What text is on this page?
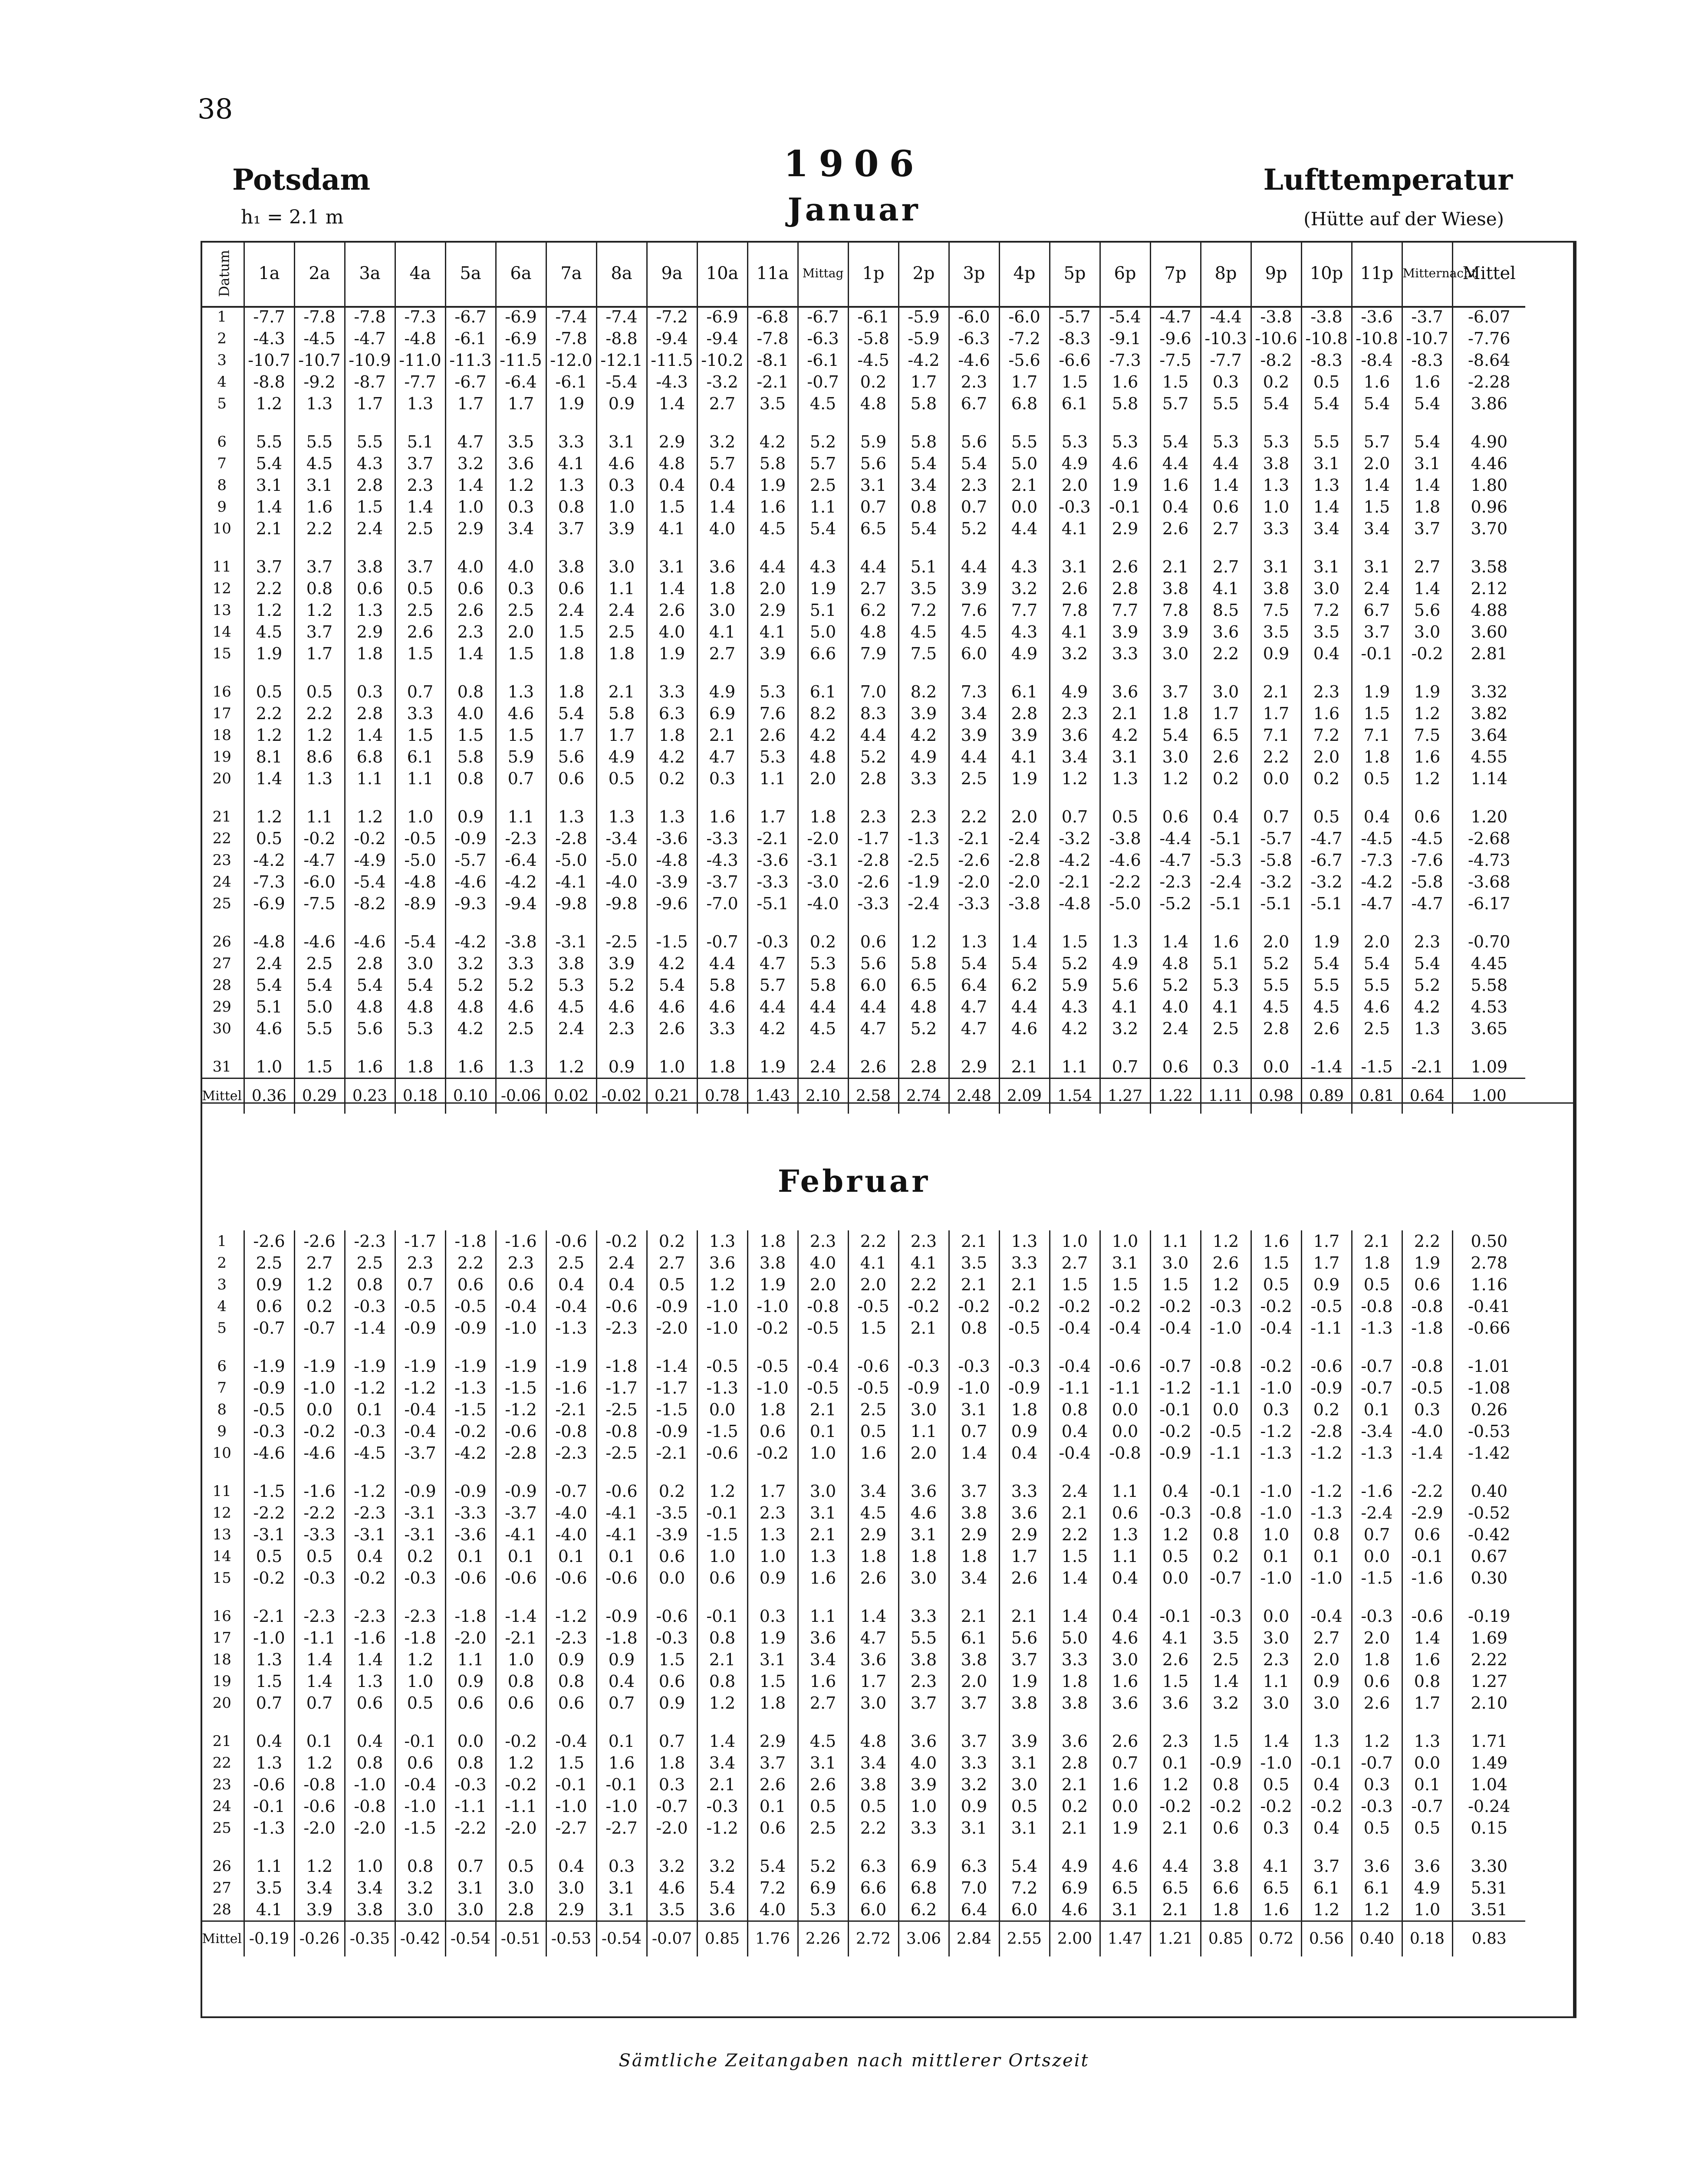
38
Potsdam
h₁ = 2.1 m
1906
Januar
Lufttemperatur
(Hütte auf der Wiese)
Datum	1a	2a	3a	4a	5a	6a	7a	8a	9a	10a	11a	Mittag	1p	2p	3p	4p	5p	6p	7p	8p	9p	10p	11p	Mitternacht	Mittel
1	-7.7	-7.8	-7.8	-7.3	-6.7	-6.9	-7.4	-7.4	-7.2	-6.9	-6.8	-6.7	-6.1	-5.9	-6.0	-6.0	-5.7	-5.4	-4.7	-4.4	-3.8	-3.8	-3.6	-3.7	-6.07
2	-4.3	-4.5	-4.7	-4.8	-6.1	-6.9	-7.8	-8.8	-9.4	-9.4	-7.8	-6.3	-5.8	-5.9	-6.3	-7.2	-8.3	-9.1	-9.6	-10.3	-10.6	-10.8	-10.8	-10.7	-7.76
3	-10.7	-10.7	-10.9	-11.0	-11.3	-11.5	-12.0	-12.1	-11.5	-10.2	-8.1	-6.1	-4.5	-4.2	-4.6	-5.6	-6.6	-7.3	-7.5	-7.7	-8.2	-8.3	-8.4	-8.3	-8.64
4	-8.8	-9.2	-8.7	-7.7	-6.7	-6.4	-6.1	-5.4	-4.3	-3.2	-2.1	-0.7	0.2	1.7	2.3	1.7	1.5	1.6	1.5	0.3	0.2	0.5	1.6	1.6	-2.28
5	1.2	1.3	1.7	1.3	1.7	1.7	1.9	0.9	1.4	2.7	3.5	4.5	4.8	5.8	6.7	6.8	6.1	5.8	5.7	5.5	5.4	5.4	5.4	5.4	3.86

6	5.5	5.5	5.5	5.1	4.7	3.5	3.3	3.1	2.9	3.2	4.2	5.2	5.9	5.8	5.6	5.5	5.3	5.3	5.4	5.3	5.3	5.5	5.7	5.4	4.90
7	5.4	4.5	4.3	3.7	3.2	3.6	4.1	4.6	4.8	5.7	5.8	5.7	5.6	5.4	5.4	5.0	4.9	4.6	4.4	4.4	3.8	3.1	2.0	3.1	4.46
8	3.1	3.1	2.8	2.3	1.4	1.2	1.3	0.3	0.4	0.4	1.9	2.5	3.1	3.4	2.3	2.1	2.0	1.9	1.6	1.4	1.3	1.3	1.4	1.4	1.80
9	1.4	1.6	1.5	1.4	1.0	0.3	0.8	1.0	1.5	1.4	1.6	1.1	0.7	0.8	0.7	0.0	-0.3	-0.1	0.4	0.6	1.0	1.4	1.5	1.8	0.96
10	2.1	2.2	2.4	2.5	2.9	3.4	3.7	3.9	4.1	4.0	4.5	5.4	6.5	5.4	5.2	4.4	4.1	2.9	2.6	2.7	3.3	3.4	3.4	3.7	3.70

11	3.7	3.7	3.8	3.7	4.0	4.0	3.8	3.0	3.1	3.6	4.4	4.3	4.4	5.1	4.4	4.3	3.1	2.6	2.1	2.7	3.1	3.1	3.1	2.7	3.58
12	2.2	0.8	0.6	0.5	0.6	0.3	0.6	1.1	1.4	1.8	2.0	1.9	2.7	3.5	3.9	3.2	2.6	2.8	3.8	4.1	3.8	3.0	2.4	1.4	2.12
13	1.2	1.2	1.3	2.5	2.6	2.5	2.4	2.4	2.6	3.0	2.9	5.1	6.2	7.2	7.6	7.7	7.8	7.7	7.8	8.5	7.5	7.2	6.7	5.6	4.88
14	4.5	3.7	2.9	2.6	2.3	2.0	1.5	2.5	4.0	4.1	4.1	5.0	4.8	4.5	4.5	4.3	4.1	3.9	3.9	3.6	3.5	3.5	3.7	3.0	3.60
15	1.9	1.7	1.8	1.5	1.4	1.5	1.8	1.8	1.9	2.7	3.9	6.6	7.9	7.5	6.0	4.9	3.2	3.3	3.0	2.2	0.9	0.4	-0.1	-0.2	2.81

16	0.5	0.5	0.3	0.7	0.8	1.3	1.8	2.1	3.3	4.9	5.3	6.1	7.0	8.2	7.3	6.1	4.9	3.6	3.7	3.0	2.1	2.3	1.9	1.9	3.32
17	2.2	2.2	2.8	3.3	4.0	4.6	5.4	5.8	6.3	6.9	7.6	8.2	8.3	3.9	3.4	2.8	2.3	2.1	1.8	1.7	1.7	1.6	1.5	1.2	3.82
18	1.2	1.2	1.4	1.5	1.5	1.5	1.7	1.7	1.8	2.1	2.6	4.2	4.4	4.2	3.9	3.9	3.6	4.2	5.4	6.5	7.1	7.2	7.1	7.5	3.64
19	8.1	8.6	6.8	6.1	5.8	5.9	5.6	4.9	4.2	4.7	5.3	4.8	5.2	4.9	4.4	4.1	3.4	3.1	3.0	2.6	2.2	2.0	1.8	1.6	4.55
20	1.4	1.3	1.1	1.1	0.8	0.7	0.6	0.5	0.2	0.3	1.1	2.0	2.8	3.3	2.5	1.9	1.2	1.3	1.2	0.2	0.0	0.2	0.5	1.2	1.14

21	1.2	1.1	1.2	1.0	0.9	1.1	1.3	1.3	1.3	1.6	1.7	1.8	2.3	2.3	2.2	2.0	0.7	0.5	0.6	0.4	0.7	0.5	0.4	0.6	1.20
22	0.5	-0.2	-0.2	-0.5	-0.9	-2.3	-2.8	-3.4	-3.6	-3.3	-2.1	-2.0	-1.7	-1.3	-2.1	-2.4	-3.2	-3.8	-4.4	-5.1	-5.7	-4.7	-4.5	-4.5	-2.68
23	-4.2	-4.7	-4.9	-5.0	-5.7	-6.4	-5.0	-5.0	-4.8	-4.3	-3.6	-3.1	-2.8	-2.5	-2.6	-2.8	-4.2	-4.6	-4.7	-5.3	-5.8	-6.7	-7.3	-7.6	-4.73
24	-7.3	-6.0	-5.4	-4.8	-4.6	-4.2	-4.1	-4.0	-3.9	-3.7	-3.3	-3.0	-2.6	-1.9	-2.0	-2.0	-2.1	-2.2	-2.3	-2.4	-3.2	-3.2	-4.2	-5.8	-3.68
25	-6.9	-7.5	-8.2	-8.9	-9.3	-9.4	-9.8	-9.8	-9.6	-7.0	-5.1	-4.0	-3.3	-2.4	-3.3	-3.8	-4.8	-5.0	-5.2	-5.1	-5.1	-5.1	-4.7	-4.7	-6.17

26	-4.8	-4.6	-4.6	-5.4	-4.2	-3.8	-3.1	-2.5	-1.5	-0.7	-0.3	0.2	0.6	1.2	1.3	1.4	1.5	1.3	1.4	1.6	2.0	1.9	2.0	2.3	-0.70
27	2.4	2.5	2.8	3.0	3.2	3.3	3.8	3.9	4.2	4.4	4.7	5.3	5.6	5.8	5.4	5.4	5.2	4.9	4.8	5.1	5.2	5.4	5.4	5.4	4.45
28	5.4	5.4	5.4	5.4	5.2	5.2	5.3	5.2	5.4	5.8	5.7	5.8	6.0	6.5	6.4	6.2	5.9	5.6	5.2	5.3	5.5	5.5	5.5	5.2	5.58
29	5.1	5.0	4.8	4.8	4.8	4.6	4.5	4.6	4.6	4.6	4.4	4.4	4.4	4.8	4.7	4.4	4.3	4.1	4.0	4.1	4.5	4.5	4.6	4.2	4.53
30	4.6	5.5	5.6	5.3	4.2	2.5	2.4	2.3	2.6	3.3	4.2	4.5	4.7	5.2	4.7	4.6	4.2	3.2	2.4	2.5	2.8	2.6	2.5	1.3	3.65

31	1.0	1.5	1.6	1.8	1.6	1.3	1.2	0.9	1.0	1.8	1.9	2.4	2.6	2.8	2.9	2.1	1.1	0.7	0.6	0.3	0.0	-1.4	-1.5	-2.1	1.09
Mittel	0.36	0.29	0.23	0.18	0.10	-0.06	0.02	-0.02	0.21	0.78	1.43	2.10	2.58	2.74	2.48	2.09	1.54	1.27	1.22	1.11	0.98	0.89	0.81	0.64	1.00
Februar
1	-2.6	-2.6	-2.3	-1.7	-1.8	-1.6	-0.6	-0.2	0.2	1.3	1.8	2.3	2.2	2.3	2.1	1.3	1.0	1.0	1.1	1.2	1.6	1.7	2.1	2.2	0.50
2	2.5	2.7	2.5	2.3	2.2	2.3	2.5	2.4	2.7	3.6	3.8	4.0	4.1	4.1	3.5	3.3	2.7	3.1	3.0	2.6	1.5	1.7	1.8	1.9	2.78
3	0.9	1.2	0.8	0.7	0.6	0.6	0.4	0.4	0.5	1.2	1.9	2.0	2.0	2.2	2.1	2.1	1.5	1.5	1.5	1.2	0.5	0.9	0.5	0.6	1.16
4	0.6	0.2	-0.3	-0.5	-0.5	-0.4	-0.4	-0.6	-0.9	-1.0	-1.0	-0.8	-0.5	-0.2	-0.2	-0.2	-0.2	-0.2	-0.2	-0.3	-0.2	-0.5	-0.8	-0.8	-0.41
5	-0.7	-0.7	-1.4	-0.9	-0.9	-1.0	-1.3	-2.3	-2.0	-1.0	-0.2	-0.5	1.5	2.1	0.8	-0.5	-0.4	-0.4	-0.4	-1.0	-0.4	-1.1	-1.3	-1.8	-0.66

6	-1.9	-1.9	-1.9	-1.9	-1.9	-1.9	-1.9	-1.8	-1.4	-0.5	-0.5	-0.4	-0.6	-0.3	-0.3	-0.3	-0.4	-0.6	-0.7	-0.8	-0.2	-0.6	-0.7	-0.8	-1.01
7	-0.9	-1.0	-1.2	-1.2	-1.3	-1.5	-1.6	-1.7	-1.7	-1.3	-1.0	-0.5	-0.5	-0.9	-1.0	-0.9	-1.1	-1.1	-1.2	-1.1	-1.0	-0.9	-0.7	-0.5	-1.08
8	-0.5	0.0	0.1	-0.4	-1.5	-1.2	-2.1	-2.5	-1.5	0.0	1.8	2.1	2.5	3.0	3.1	1.8	0.8	0.0	-0.1	0.0	0.3	0.2	0.1	0.3	0.26
9	-0.3	-0.2	-0.3	-0.4	-0.2	-0.6	-0.8	-0.8	-0.9	-1.5	0.6	0.1	0.5	1.1	0.7	0.9	0.4	0.0	-0.2	-0.5	-1.2	-2.8	-3.4	-4.0	-0.53
10	-4.6	-4.6	-4.5	-3.7	-4.2	-2.8	-2.3	-2.5	-2.1	-0.6	-0.2	1.0	1.6	2.0	1.4	0.4	-0.4	-0.8	-0.9	-1.1	-1.3	-1.2	-1.3	-1.4	-1.42

11	-1.5	-1.6	-1.2	-0.9	-0.9	-0.9	-0.7	-0.6	0.2	1.2	1.7	3.0	3.4	3.6	3.7	3.3	2.4	1.1	0.4	-0.1	-1.0	-1.2	-1.6	-2.2	0.40
12	-2.2	-2.2	-2.3	-3.1	-3.3	-3.7	-4.0	-4.1	-3.5	-0.1	2.3	3.1	4.5	4.6	3.8	3.6	2.1	0.6	-0.3	-0.8	-1.0	-1.3	-2.4	-2.9	-0.52
13	-3.1	-3.3	-3.1	-3.1	-3.6	-4.1	-4.0	-4.1	-3.9	-1.5	1.3	2.1	2.9	3.1	2.9	2.9	2.2	1.3	1.2	0.8	1.0	0.8	0.7	0.6	-0.42
14	0.5	0.5	0.4	0.2	0.1	0.1	0.1	0.1	0.6	1.0	1.0	1.3	1.8	1.8	1.8	1.7	1.5	1.1	0.5	0.2	0.1	0.1	0.0	-0.1	0.67
15	-0.2	-0.3	-0.2	-0.3	-0.6	-0.6	-0.6	-0.6	0.0	0.6	0.9	1.6	2.6	3.0	3.4	2.6	1.4	0.4	0.0	-0.7	-1.0	-1.0	-1.5	-1.6	0.30

16	-2.1	-2.3	-2.3	-2.3	-1.8	-1.4	-1.2	-0.9	-0.6	-0.1	0.3	1.1	1.4	3.3	2.1	2.1	1.4	0.4	-0.1	-0.3	0.0	-0.4	-0.3	-0.6	-0.19
17	-1.0	-1.1	-1.6	-1.8	-2.0	-2.1	-2.3	-1.8	-0.3	0.8	1.9	3.6	4.7	5.5	6.1	5.6	5.0	4.6	4.1	3.5	3.0	2.7	2.0	1.4	1.69
18	1.3	1.4	1.4	1.2	1.1	1.0	0.9	0.9	1.5	2.1	3.1	3.4	3.6	3.8	3.8	3.7	3.3	3.0	2.6	2.5	2.3	2.0	1.8	1.6	2.22
19	1.5	1.4	1.3	1.0	0.9	0.8	0.8	0.4	0.6	0.8	1.5	1.6	1.7	2.3	2.0	1.9	1.8	1.6	1.5	1.4	1.1	0.9	0.6	0.8	1.27
20	0.7	0.7	0.6	0.5	0.6	0.6	0.6	0.7	0.9	1.2	1.8	2.7	3.0	3.7	3.7	3.8	3.8	3.6	3.6	3.2	3.0	3.0	2.6	1.7	2.10

21	0.4	0.1	0.4	-0.1	0.0	-0.2	-0.4	0.1	0.7	1.4	2.9	4.5	4.8	3.6	3.7	3.9	3.6	2.6	2.3	1.5	1.4	1.3	1.2	1.3	1.71
22	1.3	1.2	0.8	0.6	0.8	1.2	1.5	1.6	1.8	3.4	3.7	3.1	3.4	4.0	3.3	3.1	2.8	0.7	0.1	-0.9	-1.0	-0.1	-0.7	0.0	1.49
23	-0.6	-0.8	-1.0	-0.4	-0.3	-0.2	-0.1	-0.1	0.3	2.1	2.6	2.6	3.8	3.9	3.2	3.0	2.1	1.6	1.2	0.8	0.5	0.4	0.3	0.1	1.04
24	-0.1	-0.6	-0.8	-1.0	-1.1	-1.1	-1.0	-1.0	-0.7	-0.3	0.1	0.5	0.5	1.0	0.9	0.5	0.2	0.0	-0.2	-0.2	-0.2	-0.2	-0.3	-0.7	-0.24
25	-1.3	-2.0	-2.0	-1.5	-2.2	-2.0	-2.7	-2.7	-2.0	-1.2	0.6	2.5	2.2	3.3	3.1	3.1	2.1	1.9	2.1	0.6	0.3	0.4	0.5	0.5	0.15

26	1.1	1.2	1.0	0.8	0.7	0.5	0.4	0.3	3.2	3.2	5.4	5.2	6.3	6.9	6.3	5.4	4.9	4.6	4.4	3.8	4.1	3.7	3.6	3.6	3.30
27	3.5	3.4	3.4	3.2	3.1	3.0	3.0	3.1	4.6	5.4	7.2	6.9	6.6	6.8	7.0	7.2	6.9	6.5	6.5	6.6	6.5	6.1	6.1	4.9	5.31
28	4.1	3.9	3.8	3.0	3.0	2.8	2.9	3.1	3.5	3.6	4.0	5.3	6.0	6.2	6.4	6.0	4.6	3.1	2.1	1.8	1.6	1.2	1.2	1.0	3.51
Mittel	-0.19	-0.26	-0.35	-0.42	-0.54	-0.51	-0.53	-0.54	-0.07	0.85	1.76	2.26	2.72	3.06	2.84	2.55	2.00	1.47	1.21	0.85	0.72	0.56	0.40	0.18	0.83
Sämtliche Zeitangaben nach mittlerer Ortszeit
